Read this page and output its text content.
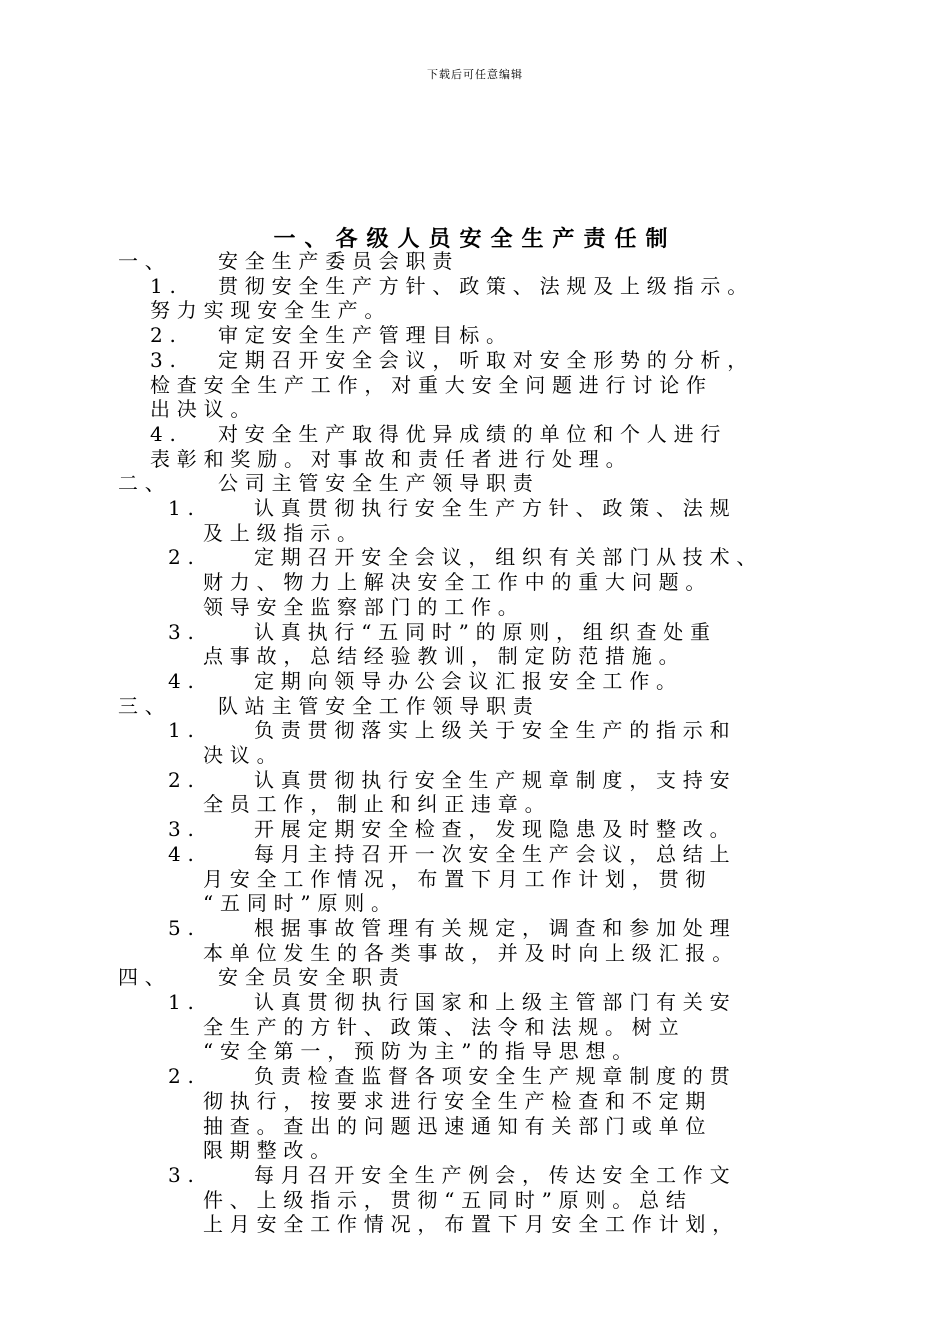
下载后可任意编辑
一、各级人员安全生产责任制
一、 安全生产委员会职责
1. 贯彻安全生产方针、政策、法规及上级指示。
努力实现安全生产。
2. 审定安全生产管理目标。
3. 定期召开安全会议，听取对安全形势的分析，
检查安全生产工作，对重大安全问题进行讨论作
出决议。
4. 对安全生产取得优异成绩的单位和个人进行
表彰和奖励。对事故和责任者进行处理。
二、 公司主管安全生产领导职责
1.	认真贯彻执行安全生产方针、政策、法规
及上级指示。
2.	定期召开安全会议，组织有关部门从技术、
财力、物力上解决安全工作中的重大问题。
领导安全监察部门的工作。
3.	认真执行“五同时”的原则，组织查处重
点事故，总结经验教训，制定防范措施。
4.	定期向领导办公会议汇报安全工作。
三、 队站主管安全工作领导职责
1.	负责贯彻落实上级关于安全生产的指示和
决议。
2.	认真贯彻执行安全生产规章制度，支持安
全员工作，制止和纠正违章。
3.	开展定期安全检查，发现隐患及时整改。
4.	每月主持召开一次安全生产会议，总结上
月安全工作情况，布置下月工作计划，贯彻
“五同时”原则。
5.	根据事故管理有关规定，调查和参加处理
本单位发生的各类事故，并及时向上级汇报。
四、 安全员安全职责
1.	认真贯彻执行国家和上级主管部门有关安
全生产的方针、政策、法令和法规。树立
“安全第一，预防为主”的指导思想。
2.	负责检查监督各项安全生产规章制度的贯
彻执行，按要求进行安全生产检查和不定期
抽查。查出的问题迅速通知有关部门或单位
限期整改。
3.	每月召开安全生产例会，传达安全工作文
件、上级指示，贯彻“五同时”原则。总结
上月安全工作情况，布置下月安全工作计划，
